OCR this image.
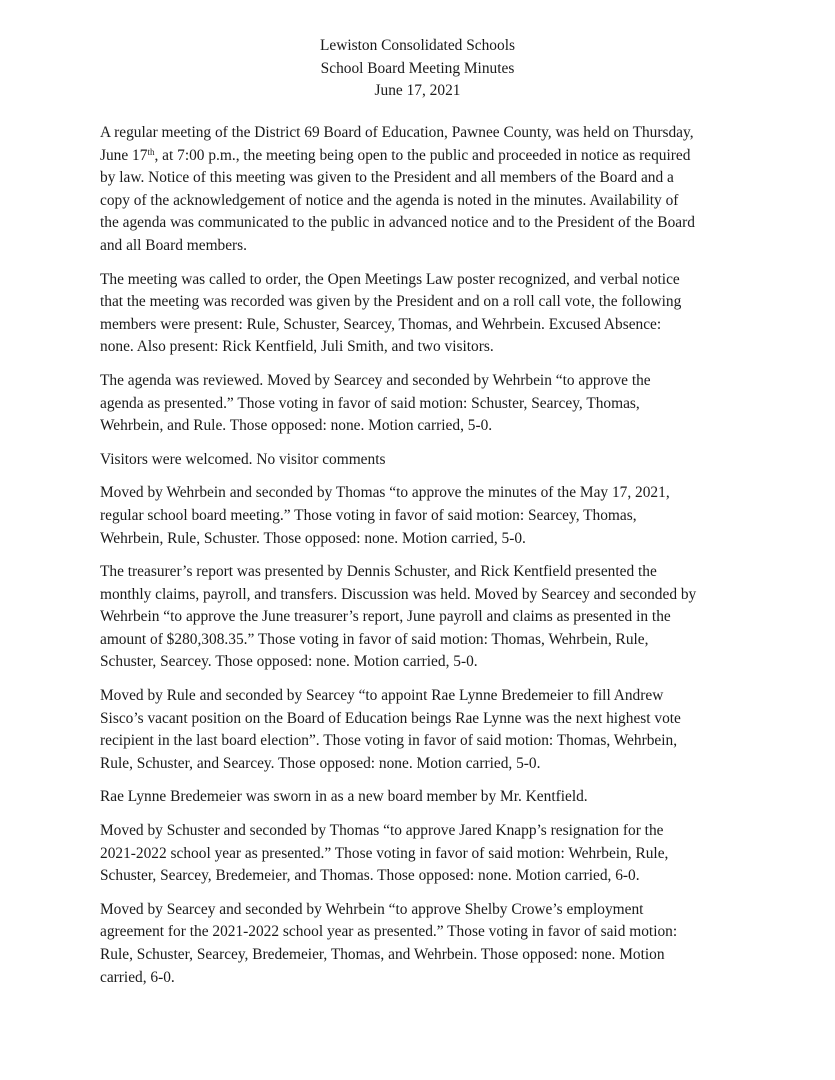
Lewiston Consolidated Schools
School Board Meeting Minutes
June 17, 2021
A regular meeting of the District 69 Board of Education, Pawnee County, was held on Thursday,
June 17th, at 7:00 p.m., the meeting being open to the public and proceeded in notice as required
by law. Notice of this meeting was given to the President and all members of the Board and a
copy of the acknowledgement of notice and the agenda is noted in the minutes. Availability of
the agenda was communicated to the public in advanced notice and to the President of the Board
and all Board members.
The meeting was called to order, the Open Meetings Law poster recognized, and verbal notice
that the meeting was recorded was given by the President and on a roll call vote, the following
members were present: Rule, Schuster, Searcey, Thomas, and Wehrbein. Excused Absence:
none. Also present: Rick Kentfield, Juli Smith, and two visitors.
The agenda was reviewed. Moved by Searcey and seconded by Wehrbein “to approve the
agenda as presented.” Those voting in favor of said motion: Schuster, Searcey, Thomas,
Wehrbein, and Rule. Those opposed: none. Motion carried, 5-0.
Visitors were welcomed. No visitor comments
Moved by Wehrbein and seconded by Thomas “to approve the minutes of the May 17, 2021,
regular school board meeting.” Those voting in favor of said motion: Searcey, Thomas,
Wehrbein, Rule, Schuster. Those opposed: none. Motion carried, 5-0.
The treasurer’s report was presented by Dennis Schuster, and Rick Kentfield presented the
monthly claims, payroll, and transfers. Discussion was held. Moved by Searcey and seconded by
Wehrbein “to approve the June treasurer’s report, June payroll and claims as presented in the
amount of $280,308.35.” Those voting in favor of said motion: Thomas, Wehrbein, Rule,
Schuster, Searcey. Those opposed: none. Motion carried, 5-0.
Moved by Rule and seconded by Searcey “to appoint Rae Lynne Bredemeier to fill Andrew
Sisco’s vacant position on the Board of Education beings Rae Lynne was the next highest vote
recipient in the last board election”. Those voting in favor of said motion: Thomas, Wehrbein,
Rule, Schuster, and Searcey. Those opposed: none. Motion carried, 5-0.
Rae Lynne Bredemeier was sworn in as a new board member by Mr. Kentfield.
Moved by Schuster and seconded by Thomas “to approve Jared Knapp’s resignation for the
2021-2022 school year as presented.” Those voting in favor of said motion: Wehrbein, Rule,
Schuster, Searcey, Bredemeier, and Thomas. Those opposed: none. Motion carried, 6-0.
Moved by Searcey and seconded by Wehrbein “to approve Shelby Crowe’s employment
agreement for the 2021-2022 school year as presented.” Those voting in favor of said motion:
Rule, Schuster, Searcey, Bredemeier, Thomas, and Wehrbein. Those opposed: none. Motion
carried, 6-0.
